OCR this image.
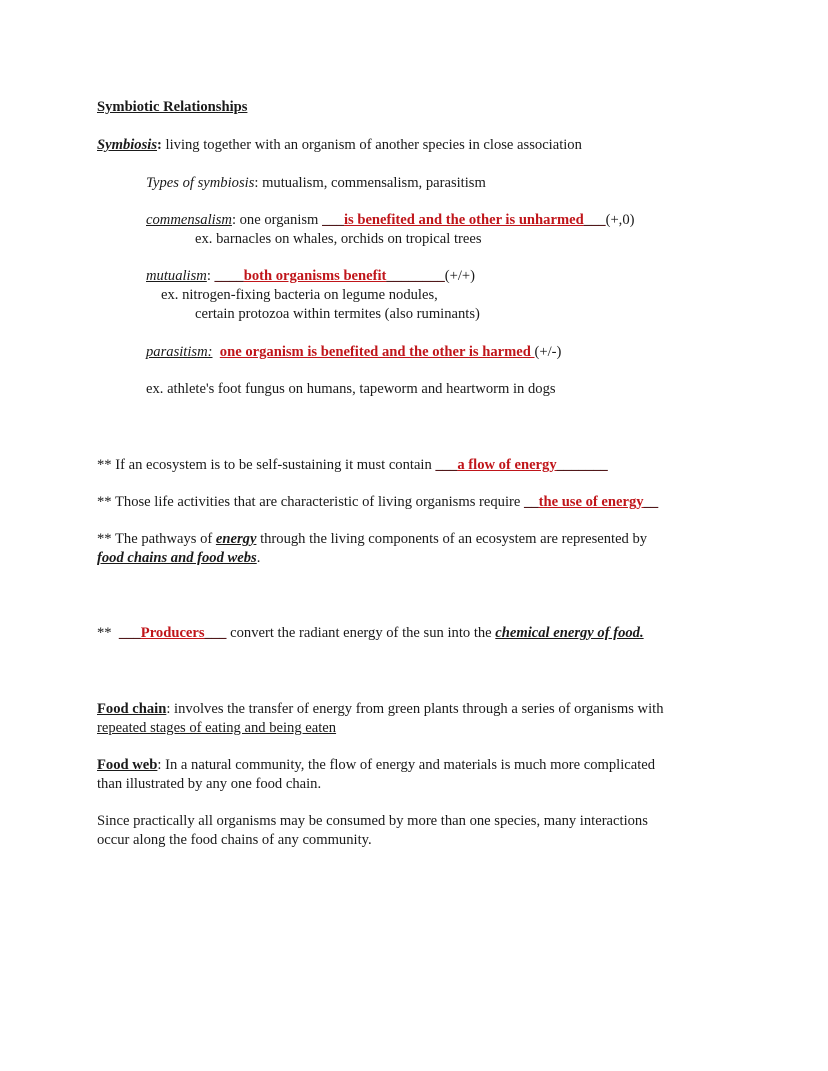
Symbiotic Relationships
Symbiosis: living together with an organism of another species in close association
Types of symbiosis: mutualism, commensalism, parasitism
commensalism: one organism ___is benefited and the other is unharmed___(+,0)
ex. barnacles on whales, orchids on tropical trees
mutualism: ____both organisms benefit________(+/+)
ex. nitrogen-fixing bacteria on legume nodules,
certain protozoa within termites (also ruminants)
parasitism: one organism is benefited and the other is harmed (+/-)
ex. athlete's foot fungus on humans, tapeworm and heartworm in dogs
** If an ecosystem is to be self-sustaining it must contain ___a flow of energy_______
** Those life activities that are characteristic of living organisms require __the use of energy__
** The pathways of energy through the living components of an ecosystem are represented by
food chains and food webs.
**  ___Producers___ convert the radiant energy of the sun into the chemical energy of food.
Food chain: involves the transfer of energy from green plants through a series of organisms with
repeated stages of eating and being eaten
Food web: In a natural community, the flow of energy and materials is much more complicated
than illustrated by any one food chain.
Since practically all organisms may be consumed by more than one species, many interactions
occur along the food chains of any community.
